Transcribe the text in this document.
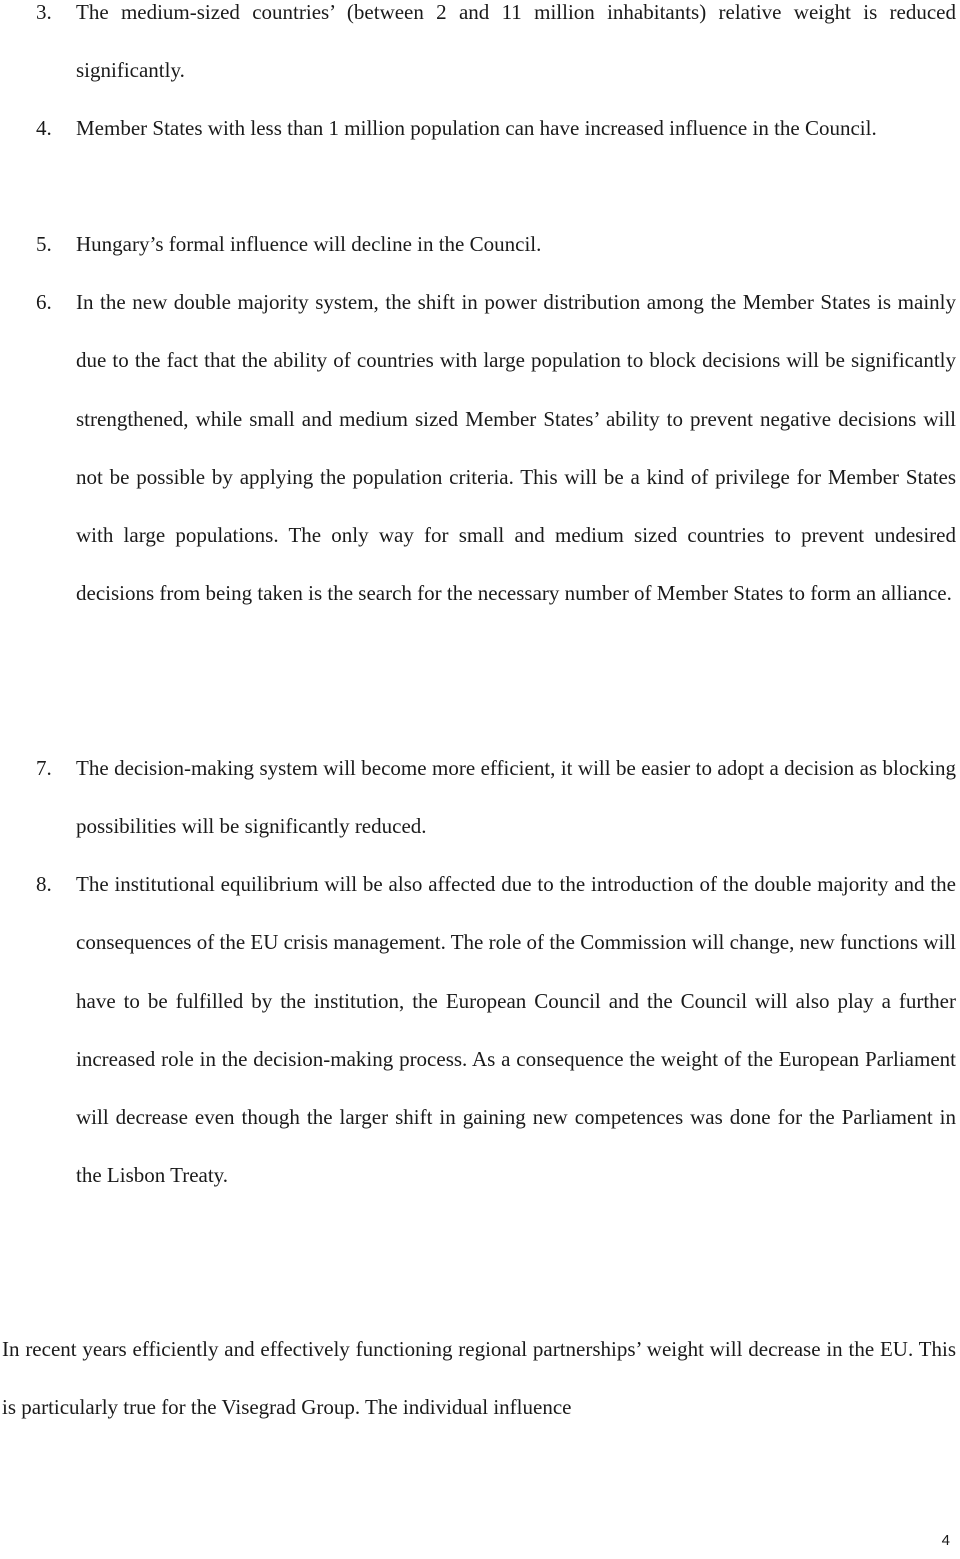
3. The medium-sized countries’ (between 2 and 11 million inhabitants) relative weight is reduced significantly.
4. Member States with less than 1 million population can have increased influence in the Council.
5. Hungary’s formal influence will decline in the Council.
6. In the new double majority system, the shift in power distribution among the Member States is mainly due to the fact that the ability of countries with large population to block decisions will be significantly strengthened, while small and medium sized Member States’ ability to prevent negative decisions will not be possible by applying the population criteria. This will be a kind of privilege for Member States with large populations. The only way for small and medium sized countries to prevent undesired decisions from being taken is the search for the necessary number of Member States to form an alliance.
7. The decision-making system will become more efficient, it will be easier to adopt a decision as blocking possibilities will be significantly reduced.
8. The institutional equilibrium will be also affected due to the introduction of the double majority and the consequences of the EU crisis management. The role of the Commission will change, new functions will have to be fulfilled by the institution, the European Council and the Council will also play a further increased role in the decision-making process. As a consequence the weight of the European Parliament will decrease even though the larger shift in gaining new competences was done for the Parliament in the Lisbon Treaty.

In recent years efficiently and effectively functioning regional partnerships’ weight will decrease in the EU. This is particularly true for the Visegrad Group. The individual influence

4
